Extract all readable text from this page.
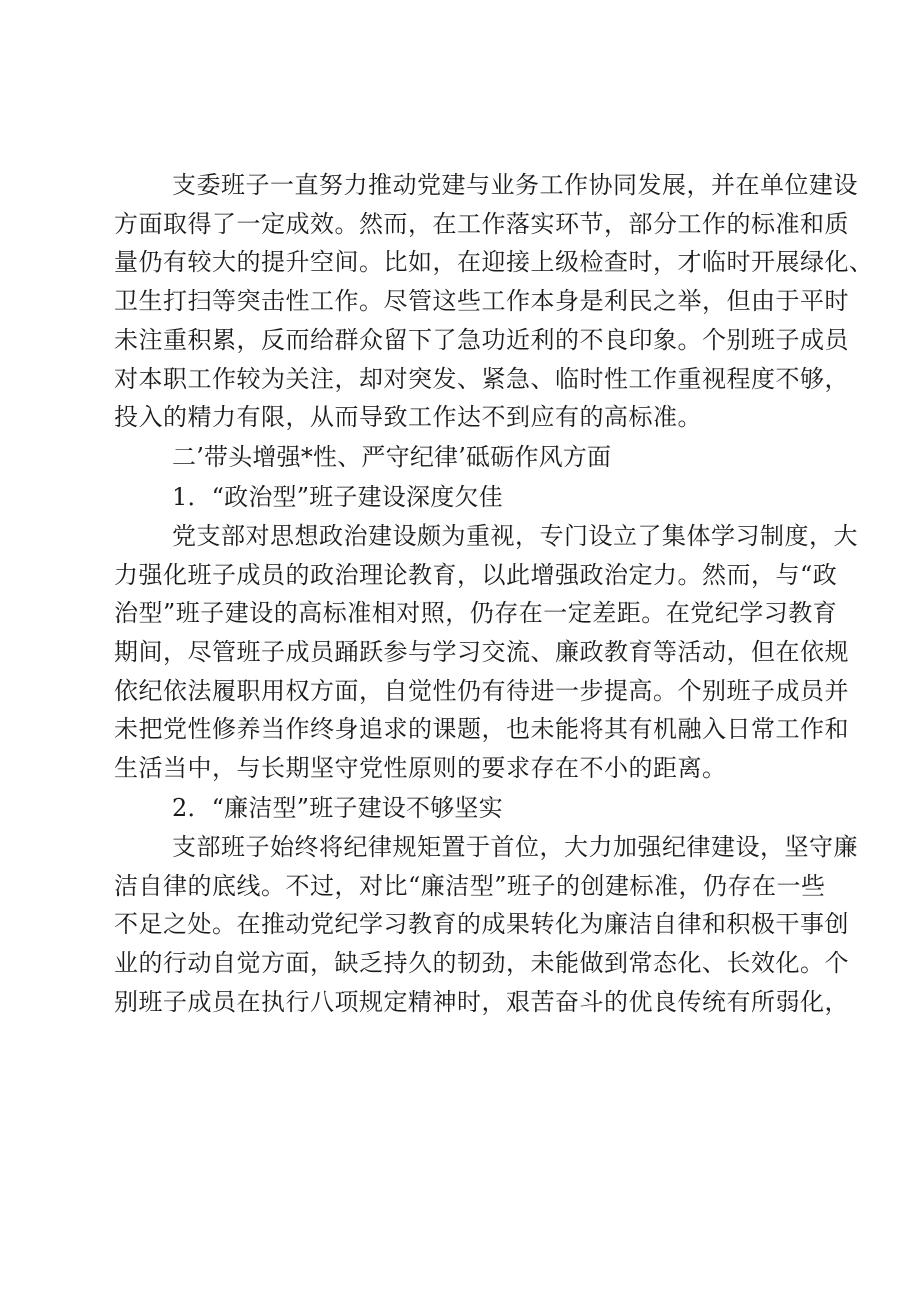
支委班子一直努力推动党建与业务工作协同发展，并在单位建设
方面取得了一定成效。然而，在工作落实环节，部分工作的标准和质
量仍有较大的提升空间。比如，在迎接上级检查时，才临时开展绿化、
卫生打扫等突击性工作。尽管这些工作本身是利民之举，但由于平时
未注重积累，反而给群众留下了急功近利的不良印象。个别班子成员
对本职工作较为关注，却对突发、紧急、临时性工作重视程度不够，
投入的精力有限，从而导致工作达不到应有的高标准。
二’带头增强*性、严守纪律’砥砺作风方面
1．“政治型”班子建设深度欠佳
党支部对思想政治建设颇为重视，专门设立了集体学习制度，大
力强化班子成员的政治理论教育，以此增强政治定力。然而，与“政
治型”班子建设的高标准相对照，仍存在一定差距。在党纪学习教育
期间，尽管班子成员踊跃参与学习交流、廉政教育等活动，但在依规
依纪依法履职用权方面，自觉性仍有待进一步提高。个别班子成员并
未把党性修养当作终身追求的课题，也未能将其有机融入日常工作和
生活当中，与长期坚守党性原则的要求存在不小的距离。
2．“廉洁型”班子建设不够坚实
支部班子始终将纪律规矩置于首位，大力加强纪律建设，坚守廉
洁自律的底线。不过，对比“廉洁型”班子的创建标准，仍存在一些
不足之处。在推动党纪学习教育的成果转化为廉洁自律和积极干事创
业的行动自觉方面，缺乏持久的韧劲，未能做到常态化、长效化。个
别班子成员在执行八项规定精神时，艰苦奋斗的优良传统有所弱化，
